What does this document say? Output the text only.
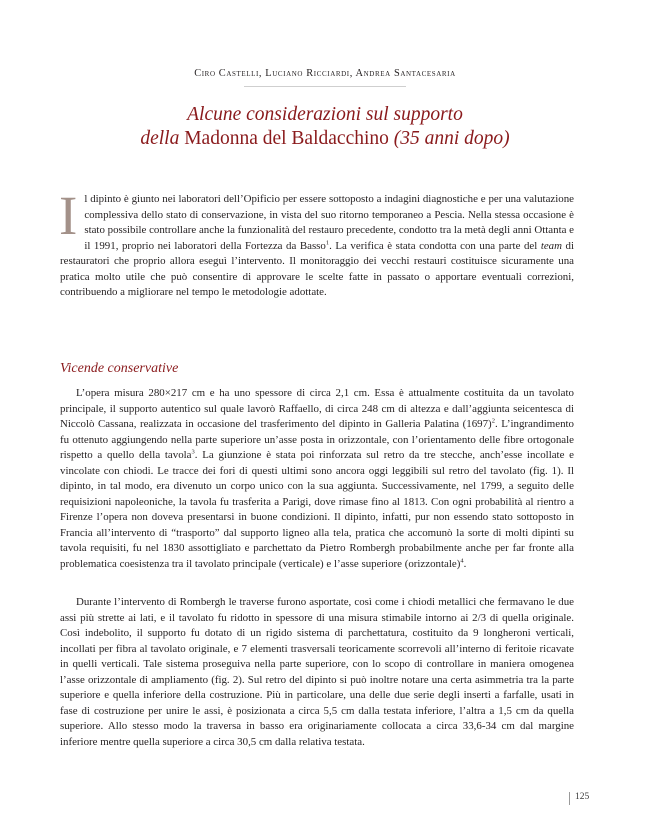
Ciro Castelli, Luciano Ricciardi, Andrea Santacesaria
Alcune considerazioni sul supporto
della Madonna del Baldacchino (35 anni dopo)

Il dipinto è giunto nei laboratori dell’Opificio per essere sottoposto a indagini diagnostiche e per una valutazione complessiva dello stato di conservazione, in vista del suo ritorno temporaneo a Pescia. Nella stessa occasione è stato possibile controllare anche la funzionalità del restauro precedente, condotto tra la metà degli anni Ottanta e il 1991, proprio nei laboratori della Fortezza da Basso$^1$. La verifica è stata condotta con una parte del team di restauratori che proprio allora eseguì l’intervento. Il monitoraggio dei vecchi restauri costituisce sicuramente una pratica molto utile che può consentire di approvare le scelte fatte in passato o apportare eventuali correzioni, contribuendo a migliorare nel tempo le metodologie adottate.

Vicende conservative

L’opera misura 280×217 cm e ha uno spessore di circa 2,1 cm. Essa è attualmente costituita da un tavolato principale, il supporto autentico sul quale lavorò Raffaello, di circa 248 cm di altezza e dall’aggiunta seicentesca di Niccolò Cassana, realizzata in occasione del trasferimento del dipinto in Galleria Palatina $(1697)^2$. L’ingrandimento fu ottenuto aggiungendo nella parte superiore un’asse posta in orizzontale, con l’orientamento delle fibre ortogonale rispetto a quello della tavola$^3$. La giunzione è stata poi rinforzata sul retro da tre stecche, anch’esse incollate e vincolate con chiodi. Le tracce dei fori di questi ultimi sono ancora oggi leggibili sul retro del tavolato (fig. 1). Il dipinto, in tal modo, era divenuto un corpo unico con la sua aggiunta. Successivamente, nel 1799, a seguito delle requisizioni napoleoniche, la tavola fu trasferita a Parigi, dove rimase fino al 1813. Con ogni probabilità al rientro a Firenze l’opera non doveva presentarsi in buone condizioni. Il dipinto, infatti, pur non essendo stato sottoposto in Francia all’intervento di “trasporto” dal supporto ligneo alla tela, pratica che accomunò la sorte di molti dipinti su tavola requisiti, fu nel 1830 assottigliato e parchettato da Pietro Rombergh probabilmente anche per far fronte alla problematica coesistenza tra il tavolato principale (verticale) e l’asse superiore (orizzontale)$^4$.

Durante l’intervento di Rombergh le traverse furono asportate, così come i chiodi metallici che fermavano le due assi più strette ai lati, e il tavolato fu ridotto in spessore di una misura stimabile intorno ai 2/3 di quella originale. Così indebolito, il supporto fu dotato di un rigido sistema di parchettatura, costituito da 9 longheroni verticali, incollati per fibra al tavolato originale, e 7 elementi trasversali teoricamente scorrevoli all’interno di feritoie ricavate in quelli verticali. Tale sistema proseguiva nella parte superiore, con lo scopo di controllare in maniera omogenea l’asse orizzontale di ampliamento (fig. 2). Sul retro del dipinto si può inoltre notare una certa asimmetria tra la parte superiore e quella inferiore della costruzione. Più in particolare, una delle due serie degli inserti a farfalle, usati in fase di costruzione per unire le assi, è posizionata a circa 5,5 cm dalla testata inferiore, l’altra a 1,5 cm da quella superiore. Allo stesso modo la traversa in basso era originariamente collocata a circa 33,6-34 cm dal margine inferiore mentre quella superiore a circa 30,5 cm dalla relativa testata.

125
